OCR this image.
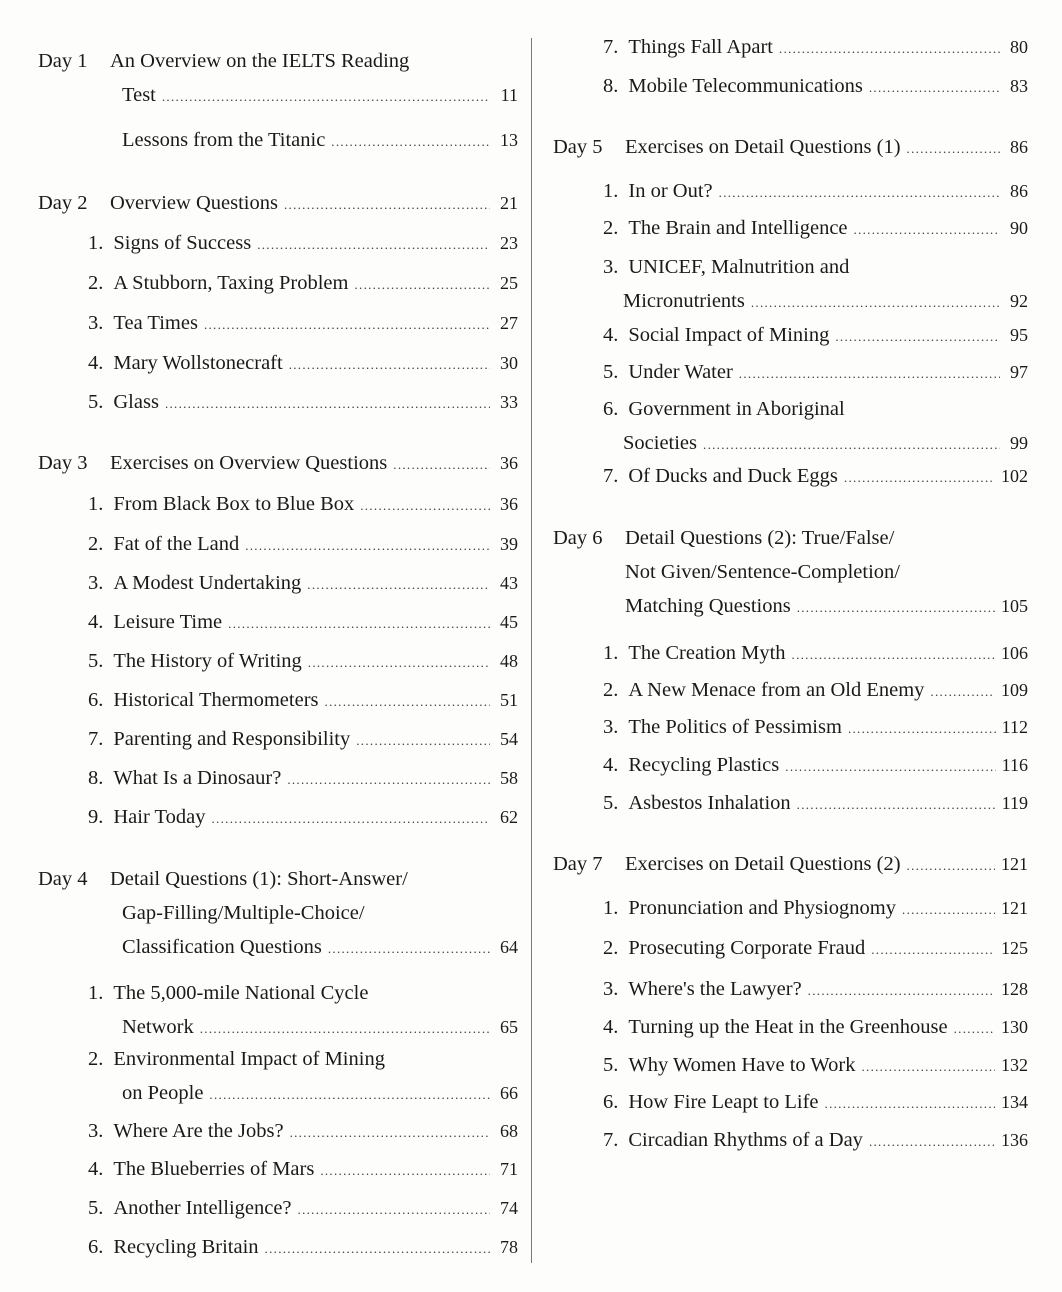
Day 1	An Overview on the IELTS Reading
Test .....	11
Lessons from the Titanic .....	13
Day 2	Overview Questions .....	21
1. Signs of Success .....	23
2. A Stubborn, Taxing Problem .....	25
3. Tea Times .....	27
4. Mary Wollstonecraft .....	30
5. Glass .....	33
Day 3	Exercises on Overview Questions .....	36
1. From Black Box to Blue Box .....	36
2. Fat of the Land .....	39
3. A Modest Undertaking .....	43
4. Leisure Time .....	45
5. The History of Writing .....	48
6. Historical Thermometers .....	51
7. Parenting and Responsibility .....	54
8. What Is a Dinosaur? .....	58
9. Hair Today .....	62
Day 4	Detail Questions (1): Short-Answer/
Gap-Filling/Multiple-Choice/
Classification Questions .....	64
1. The 5,000-mile National Cycle
Network .....	65
2. Environmental Impact of Mining
on People .....	66
3. Where Are the Jobs? .....	68
4. The Blueberries of Mars .....	71
5. Another Intelligence? .....	74
6. Recycling Britain .....	78
7. Things Fall Apart .....	80
8. Mobile Telecommunications .....	83
Day 5	Exercises on Detail Questions (1) .....	86
1. In or Out? .....	86
2. The Brain and Intelligence .....	90
3. UNICEF, Malnutrition and
Micronutrients .....	92
4. Social Impact of Mining .....	95
5. Under Water .....	97
6. Government in Aboriginal
Societies .....	99
7. Of Ducks and Duck Eggs .....	102
Day 6	Detail Questions (2): True/False/
Not Given/Sentence-Completion/
Matching Questions .....	105
1. The Creation Myth .....	106
2. A New Menace from an Old Enemy .....	109
3. The Politics of Pessimism .....	112
4. Recycling Plastics .....	116
5. Asbestos Inhalation .....	119
Day 7	Exercises on Detail Questions (2) .....	121
1. Pronunciation and Physiognomy .....	121
2. Prosecuting Corporate Fraud .....	125
3. Where's the Lawyer? .....	128
4. Turning up the Heat in the Greenhouse .....	130
5. Why Women Have to Work .....	132
6. How Fire Leapt to Life .....	134
7. Circadian Rhythms of a Day .....	136
